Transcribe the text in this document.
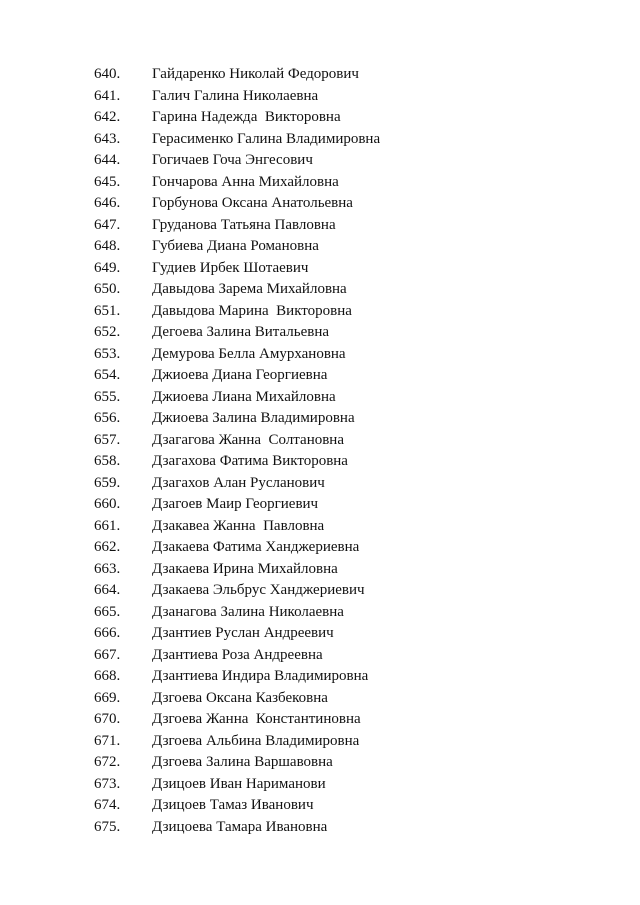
640.	Гайдаренко Николай Федорович
641.	Галич Галина Николаевна
642.	Гарина Надежда  Викторовна
643.	Герасименко Галина Владимировна
644.	Гогичаев Гоча Энгесович
645.	Гончарова Анна Михайловна
646.	Горбунова Оксана Анатольевна
647.	Груданова Татьяна Павловна
648.	Губиева Диана Романовна
649.	Гудиев Ирбек Шотаевич
650.	Давыдова Зарема Михайловна
651.	Давыдова Марина  Викторовна
652.	Дегоева Залина Витальевна
653.	Демурова Белла Амурхановна
654.	Джиоева Диана Георгиевна
655.	Джиоева Лиана Михайловна
656.	Джиоева Залина Владимировна
657.	Дзагагова Жанна  Солтановна
658.	Дзагахова Фатима Викторовна
659.	Дзагахов Алан Русланович
660.	Дзагоев Маир Георгиевич
661.	Дзакавеа Жанна  Павловна
662.	Дзакаева Фатима Ханджериевна
663.	Дзакаева Ирина Михайловна
664.	Дзакаева Эльбрус Ханджериевич
665.	Дзанагова Залина Николаевна
666.	Дзантиев Руслан Андреевич
667.	Дзантиева Роза Андреевна
668.	Дзантиева Индира Владимировна
669.	Дзгоева Оксана Казбековна
670.	Дзгоева Жанна  Константиновна
671.	Дзгоева Альбина Владимировна
672.	Дзгоева Залина Варшавовна
673.	Дзицоев Иван Нариманови
674.	Дзицоев Тамаз Иванович
675.	Дзицоева Тамара Ивановна
